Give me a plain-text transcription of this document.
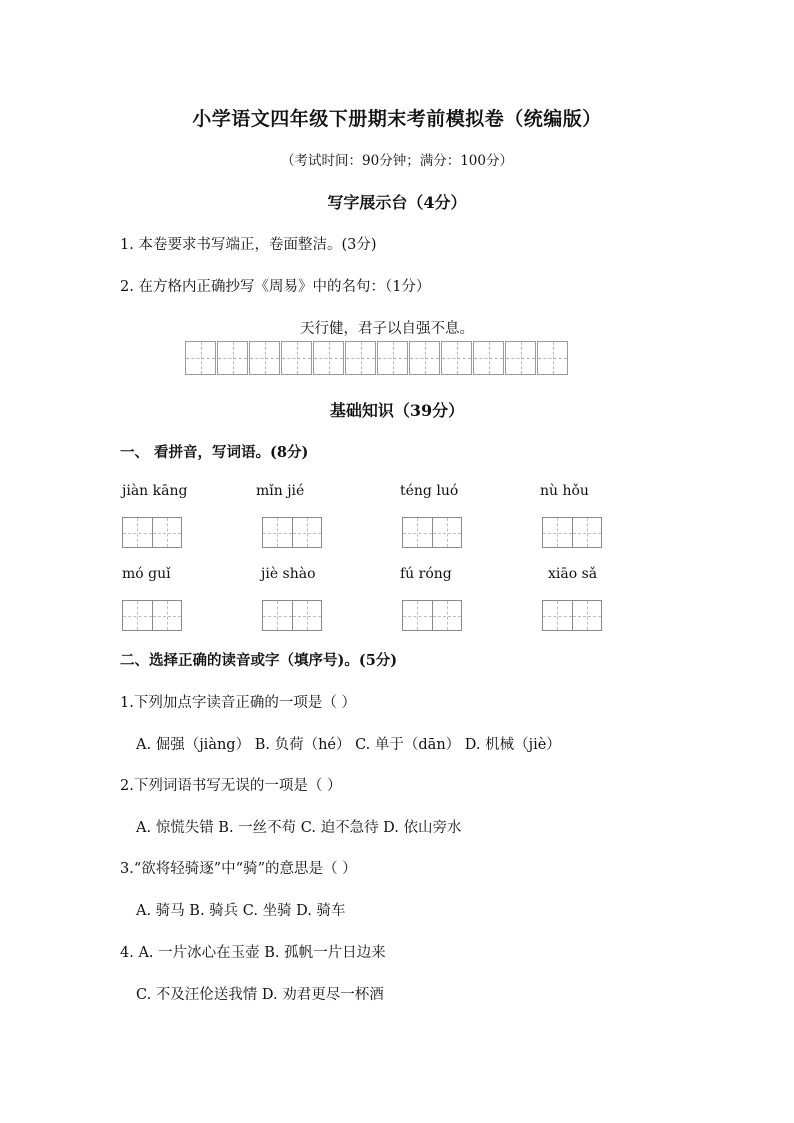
小学语文四年级下册期末考前模拟卷（统编版）
（考试时间：90分钟；满分：100分）
写字展示台（4分）
1. 本卷要求书写端正，卷面整洁。(3分)
2. 在方格内正确抄写《周易》中的名句：（1分）
天行健，君子以自强不息。
基础知识（39分）
一、 看拼音，写词语。(8分)
jiàn kāng	mǐn jié	téng luó	nù hǒu
mó guǐ	jiè shào	fú róng	xiāo sǎ
二、选择正确的读音或字（填序号)。(5分)
1.下列加点字读音正确的一项是（ ）
A. 倔强（jiàng） B. 负荷（hé） C. 单于（dān） D. 机械（jiè）
2.下列词语书写无误的一项是（ ）
A. 惊慌失错 B. 一丝不苟 C. 迫不急待 D. 依山旁水
3.“欲将轻骑逐”中“骑”的意思是（ ）
A. 骑马 B. 骑兵 C. 坐骑 D. 骑车
4. A. 一片冰心在玉壶 B. 孤帆一片日边来
C. 不及汪伦送我情 D. 劝君更尽一杯酒
